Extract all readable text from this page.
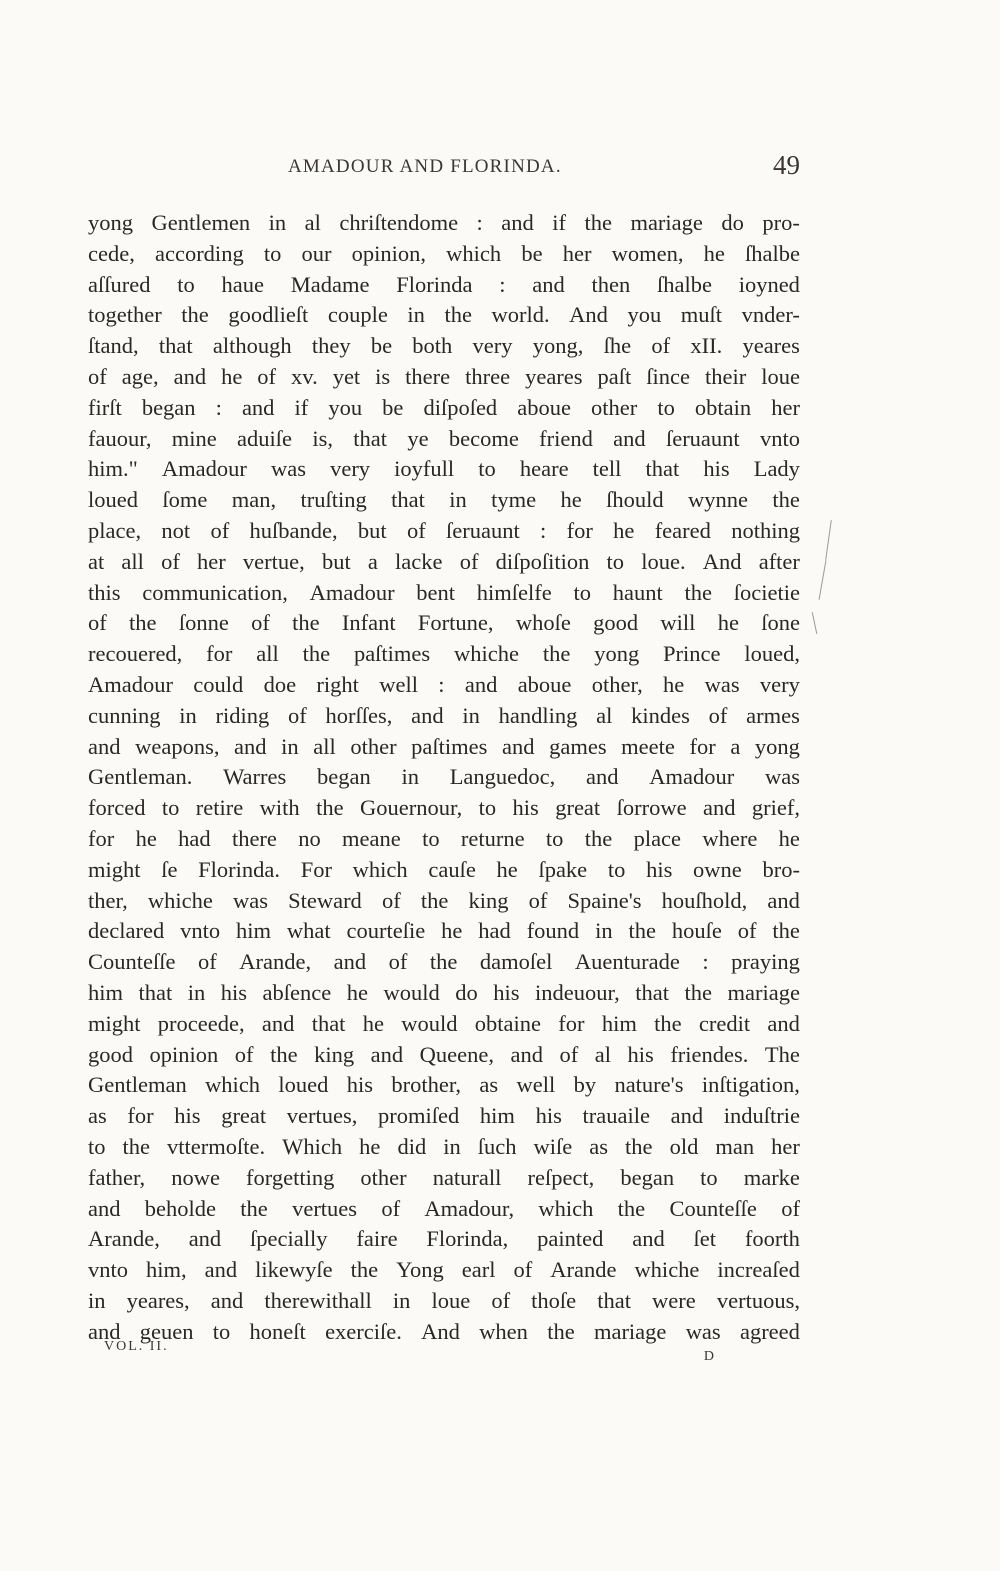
AMADOUR AND FLORINDA.	49
yong Gentlemen in al chriſtendome : and if the mariage do pro-
cede, according to our opinion, which be her women, he ſhalbe
aſſured to haue Madame Florinda : and then ſhalbe ioyned
together the goodlieſt couple in the world. And you muſt vnder-
ſtand, that although they be both very yong, ſhe of xII. yeares
of age, and he of xv. yet is there three yeares paſt ſince their loue
firſt began : and if you be diſpoſed aboue other to obtain her
fauour, mine aduiſe is, that ye become friend and ſeruaunt vnto
him." Amadour was very ioyfull to heare tell that his Lady
loued ſome man, truſting that in tyme he ſhould wynne the
place, not of huſbande, but of ſeruaunt : for he feared nothing
at all of her vertue, but a lacke of diſpoſition to loue. And after
this communication, Amadour bent himſelfe to haunt the ſocietie
of the ſonne of the Infant Fortune, whoſe good will he ſone
recouered, for all the paſtimes whiche the yong Prince loued,
Amadour could doe right well : and aboue other, he was very
cunning in riding of horſſes, and in handling al kindes of armes
and weapons, and in all other paſtimes and games meete for a yong
Gentleman. Warres began in Languedoc, and Amadour was
forced to retire with the Gouernour, to his great ſorrowe and grief,
for he had there no meane to returne to the place where he
might ſe Florinda. For which cauſe he ſpake to his owne bro-
ther, whiche was Steward of the king of Spaine's houſhold, and
declared vnto him what courteſie he had found in the houſe of the
Counteſſe of Arande, and of the damoſel Auenturade : praying
him that in his abſence he would do his indeuour, that the mariage
might proceede, and that he would obtaine for him the credit and
good opinion of the king and Queene, and of al his friendes. The
Gentleman which loued his brother, as well by nature's inſtigation,
as for his great vertues, promiſed him his trauaile and induſtrie
to the vttermoſte. Which he did in ſuch wiſe as the old man her
father, nowe forgetting other naturall reſpect, began to marke
and beholde the vertues of Amadour, which the Counteſſe of
Arande, and ſpecially faire Florinda, painted and ſet foorth
vnto him, and likewyſe the Yong earl of Arande whiche increaſed
in yeares, and therewithall in loue of thoſe that were vertuous,
and geuen to honeſt exerciſe. And when the mariage was agreed
VOL. II.
D
